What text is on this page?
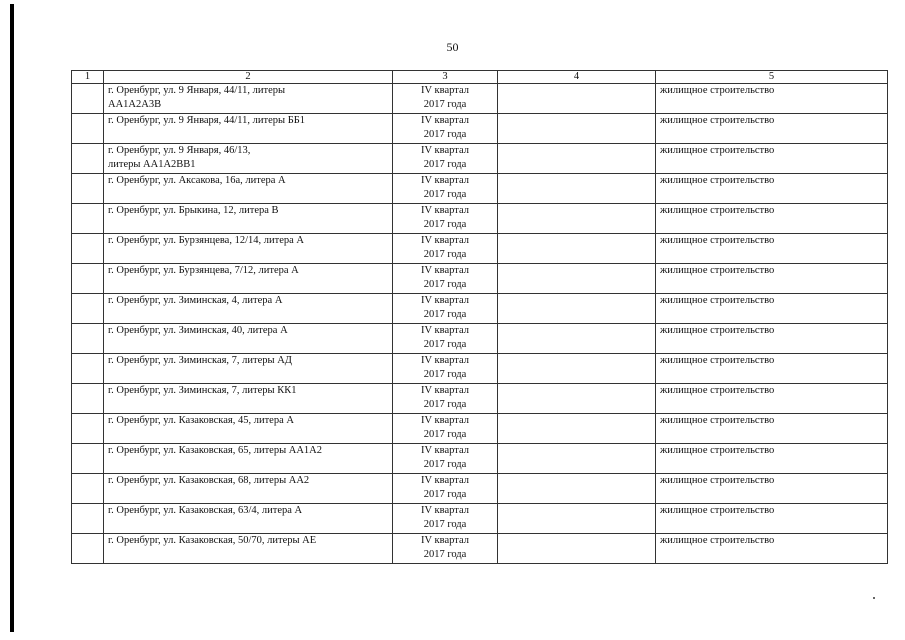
50
1	2	3	4	5

	г. Оренбург, ул. 9 Января, 44/11, литеры
АА1А2А3В	IV квартал
2017 года		жилищное строительство

	г. Оренбург, ул. 9 Января, 44/11, литеры ББ1	IV квартал
2017 года		жилищное строительство

	г. Оренбург, ул. 9 Января, 46/13,
литеры АА1А2ВВ1	IV квартал
2017 года		жилищное строительство

	г. Оренбург, ул. Аксакова, 16а, литера А	IV квартал
2017 года		жилищное строительство

	г. Оренбург, ул. Брыкина, 12, литера В	IV квартал
2017 года		жилищное строительство

	г. Оренбург, ул. Бурзянцева, 12/14, литера А	IV квартал
2017 года		жилищное строительство

	г. Оренбург, ул. Бурзянцева, 7/12, литера А	IV квартал
2017 года		жилищное строительство

	г. Оренбург, ул. Зиминская, 4, литера А	IV квартал
2017 года		жилищное строительство

	г. Оренбург, ул. Зиминская, 40, литера А	IV квартал
2017 года		жилищное строительство

	г. Оренбург, ул. Зиминская, 7, литеры АД	IV квартал
2017 года		жилищное строительство

	г. Оренбург, ул. Зиминская, 7, литеры КК1	IV квартал
2017 года		жилищное строительство

	г. Оренбург, ул. Казаковская, 45, литера А	IV квартал
2017 года		жилищное строительство

	г. Оренбург, ул. Казаковская, 65, литеры АА1А2	IV квартал
2017 года		жилищное строительство

	г. Оренбург, ул. Казаковская, 68, литеры АА2	IV квартал
2017 года		жилищное строительство

	г. Оренбург, ул. Казаковская, 63/4, литера А	IV квартал
2017 года		жилищное строительство

	г. Оренбург, ул. Казаковская, 50/70, литеры АЕ	IV квартал
2017 года		жилищное строительство
